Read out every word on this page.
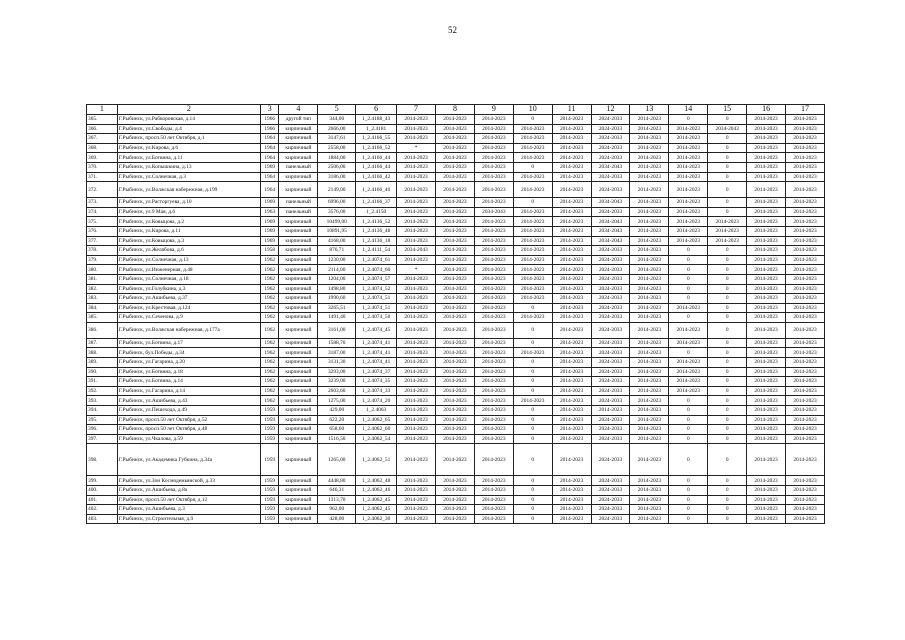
52
1	2	3	4	5	6	7	8	9	10	11	12	13	14	15	16	17
365.	Г.Рыбинск, ул.Рабкоровская, д.14	1966	другой тип	344,00	1_2.4188_43	2014-2023	2014-2023	2014-2023	0	2014-2023	2024-2033	2014-2023	0	0	2014-2023	2014-2023
366.	Г.Рыбинск, ул.Свободы, д.4	1966	кирпичный	2666,00	1_2.4181	2014-2023	2014-2023	2014-2023	2014-2023	2014-2023	2024-2033	2014-2023	2014-2023	2034-2043	2014-2023	2014-2023
367.	Г.Рыбинск, просп.50 лет Октября, д.1	1964	кирпичный	3147,61	1_2.4166_55	2014-2023	2014-2023	2014-2023	2014-2023	2014-2023	2024-2033	2014-2023	2014-2023	0	2014-2023	2014-2023
368.	Г.Рыбинск, ул.Кирова, д.6	1964	кирпичный	2558,00	1_2.4166_52	*	2014-2023	2014-2023	2014-2023	2014-2023	2024-2033	2014-2023	2014-2023	0	2014-2023	2014-2023
369.	Г.Рыбинск, ул.Ботвина, д.11	1964	кирпичный	1884,00	1_2.4166_44	2014-2023	2014-2023	2014-2023	2014-2023	2014-2023	2024-2033	2014-2023	2014-2023	0	2014-2023	2014-2023
370.	Г.Рыбинск, ул.Копышкина, д.13	1969	панельный	2506,00	1_2.4166_44	2014-2023	2014-2023	2014-2023	0	2014-2023	2034-2043	2014-2023	2014-2023	0	2014-2023	2014-2023
371.	Г.Рыбинск, ул.Солнечная, д.3	1964	кирпичный	3186,00	1_2.4166_42	2014-2023	2014-2023	2014-2023	2014-2023	2014-2023	2024-2033	2014-2023	2014-2023	0	2014-2023	2014-2023
372.	Г.Рыбинск, ул.Волжская набережная, д.199	1964	кирпичный	2149,00	1_2.4166_40	2014-2023	2014-2023	2014-2023	2014-2023	2014-2023	2024-2033	2014-2023	2014-2023	0	2014-2023	2014-2023
373.	Г.Рыбинск, ул.Расторгуева, д.10	1969	панельный	6996,00	1_2.4166_37	2014-2023	2014-2023	2014-2023	0	2014-2023	2034-2043	2014-2023	2014-2023	0	2014-2023	2014-2023
374.	Г.Рыбинск, ул.9 Мая, д.6	1963	панельный	3576,00	1_2.4150	2014-2023	2014-2023	2034-2043	2014-2023	2014-2023	2024-2033	2014-2023	2014-2023	0	2014-2023	2014-2023
375.	Г.Рыбинск, ул.Ковыцова, д.2	1969	кирпичный	10499,00	1_2.4136_52	2014-2023	2014-2023	2014-2023	2014-2023	2014-2023	2034-2043	2014-2023	2014-2023	2014-2023	2014-2023	2014-2023
376.	Г.Рыбинск, ул.Кирова, д.11	1969	кирпичный	10891,95	1_2.4136_48	2014-2023	2014-2023	2014-2023	2014-2023	2014-2023	2034-2043	2014-2023	2014-2023	2014-2023	2014-2023	2014-2023
377.	Г.Рыбинск, ул.Ковыцова, д.3	1969	кирпичный	4168,00	1_2.4136_18	2014-2023	2014-2023	2014-2023	2014-2023	2014-2023	2034-2043	2014-2023	2014-2023	2014-2023	2014-2023	2014-2023
378.	Г.Рыбинск, ул.Желябова, д.6	1958	кирпичный	876,71	1_2.4111_54	2034-2043	2014-2023	2014-2023	2014-2023	2014-2023	2024-2033	2014-2023	0	0	2014-2023	2014-2023
379.	Г.Рыбинск, ул.Солнечная, д.13	1962	кирпичный	1230,00	1_2.4074_61	2014-2023	2014-2023	2014-2023	2014-2023	2014-2023	2024-2033	2014-2023	0	0	2014-2023	2014-2023
380.	Г.Рыбинск, ул.Инженерная, д.48	1962	кирпичный	2114,00	1_2.4074_60	*	2014-2023	2014-2023	2014-2023	2014-2023	2024-2033	2014-2023	0	0	2014-2023	2014-2023
381.	Г.Рыбинск, ул.Солнечная, д.18	1962	кирпичный	1204,00	1_2.4074_57	2014-2023	2014-2023	2014-2023	2014-2023	2014-2023	2024-2033	2014-2023	0	0	2014-2023	2014-2023
382.	Г.Рыбинск, ул.Голубкина, д.3	1962	кирпичный	1498,80	1_2.4074_52	2014-2023	2014-2023	2014-2023	2014-2023	2014-2023	2024-2033	2014-2023	0	0	2014-2023	2014-2023
383.	Г.Рыбинск, ул.Ашибьева, д.37	1962	кирпичный	1990,60	1_2.4074_51	2014-2023	2014-2023	2014-2023	2014-2023	2014-2023	2024-2033	2014-2023	0	0	2014-2023	2014-2023
384.	Г.Рыбинск, ул.Крестовая, д.124	1962	кирпичный	3265,51	1_2.4074_51	2014-2023	2014-2023	2014-2023	0	2014-2023	2024-2033	2014-2023	2014-2023	0	2014-2023	2014-2023
385.	Г.Рыбинск, ул.Сеченова, д.9	1962	кирпичный	1491,40	1_2.4074_50	2014-2023	2014-2023	2014-2023	2014-2023	2014-2023	2024-2033	2014-2023	0	0	2014-2023	2014-2023
386.	Г.Рыбинск, ул.Волжская набережная, д.177а	1962	кирпичный	3161,00	1_2.4074_45	2014-2023	2014-2023	2014-2023	0	2014-2023	2024-2033	2014-2023	2014-2023	0	2014-2023	2014-2023
387.	Г.Рыбинск, ул.Ботвина, д.17	1962	кирпичный	1588,70	1_2.4074_41	2014-2023	2014-2023	2014-2023	0	2014-2023	2024-2033	2014-2023	2014-2023	0	2014-2023	2014-2023
388.	Г.Рыбинск, бул.Победы, д.34	1962	кирпичный	3187,00	1_2.4074_41	2014-2023	2014-2023	2014-2023	2014-2023	2014-2023	2024-2033	2014-2023	0	0	2014-2023	2014-2023
389.	Г.Рыбинск, ул.Гагарина, д.20	1962	кирпичный	3131,30	1_2.4074_41	2014-2023	2014-2023	2014-2023	0	2014-2023	2024-2033	2014-2023	2014-2023	0	2014-2023	2014-2023
390.	Г.Рыбинск, ул.Ботвина, д.18	1962	кирпичный	3293,00	1_2.4074_37	2014-2023	2014-2023	2014-2023	0	2014-2023	2024-2033	2014-2023	2014-2023	0	2014-2023	2014-2023
391.	Г.Рыбинск, ул.Ботвина, д.14	1962	кирпичный	3239,00	1_2.4074_35	2014-2023	2014-2023	2014-2023	0	2014-2023	2024-2033	2014-2023	2014-2023	0	2014-2023	2014-2023
392.	Г.Рыбинск, ул.Гагарина, д.14	1962	кирпичный	2603,60	1_2.4074_33	2014-2023	2014-2023	2014-2023	0	2014-2023	2024-2033	2014-2023	2014-2023	0	2014-2023	2014-2023
393.	Г.Рыбинск, ул.Ашибьева, д.43	1962	кирпичный	1275,00	1_2.4074_20	2014-2023	2014-2023	2014-2023	2014-2023	2014-2023	2024-2033	2014-2023	0	0	2014-2023	2014-2023
394.	Г.Рыбинск, ул.Пешехода, д.49	1959	кирпичный	429,00	1_2.4063	2014-2023	2014-2023	2014-2023	0	2014-2023	2014-2023	2014-2023	0	0	2014-2023	2014-2023
395.	Г.Рыбинск, просп.50 лет Октября, д.52	1959	кирпичный	622,20	1_2.4062_65	2014-2023	2014-2023	2014-2023	0	2014-2023	2024-2033	2014-2023	0	0	2014-2023	2014-2023
396.	Г.Рыбинск, просп.50 лет Октября, д.48	1959	кирпичный	658,60	1_2.4062_60	2014-2023	2014-2023	2014-2023	0	2014-2023	2024-2033	2014-2023	0	0	2014-2023	2014-2023
397.	Г.Рыбинск, ул.Чкалова, д.59	1959	кирпичный	1516,50	1_2.4062_54	2014-2023	2014-2023	2014-2023	0	2014-2023	2024-2033	2014-2023	0	0	2014-2023	2014-2023
398.	Г.Рыбинск, ул.Академика Губкина, д.34а	1959	кирпичный	1265,00	1_2.4062_51	2014-2023	2014-2023	2014-2023	0	2014-2023	2024-2033	2014-2023	0	0	2014-2023	2014-2023
399.	Г.Рыбинск, ул.Зои Космодемьянской, д.33	1959	кирпичный	4448,80	1_2.4062_48	2014-2023	2014-2023	2014-2023	0	2014-2023	2024-2033	2014-2023	0	0	2014-2023	2014-2023
400.	Г.Рыбинск, ул.Ашибьева, д.8а	1959	кирпичный	646,31	1_2.4062_46	2014-2023	2014-2023	2014-2023	0	2014-2023	2024-2033	2014-2023	0	0	2014-2023	2014-2023
401.	Г.Рыбинск, просп.50 лет Октября, д.12	1959	кирпичный	1313,70	1_2.4062_45	2014-2023	2014-2023	2014-2023	0	2014-2023	2024-2033	2014-2023	0	0	2014-2023	2014-2023
402.	Г.Рыбинск, ул.Ашибьева, д.3	1959	кирпичный	962,00	1_2.4062_45	2014-2023	2014-2023	2014-2023	0	2014-2023	2024-2033	2014-2023	0	0	2014-2023	2014-2023
403.	Г.Рыбинск, ул.Строительная, д.9	1959	кирпичный	428,00	1_2.4062_30	2014-2023	2014-2023	2014-2023	0	2014-2023	2024-2033	2014-2023	0	0	2014-2023	2014-2023
